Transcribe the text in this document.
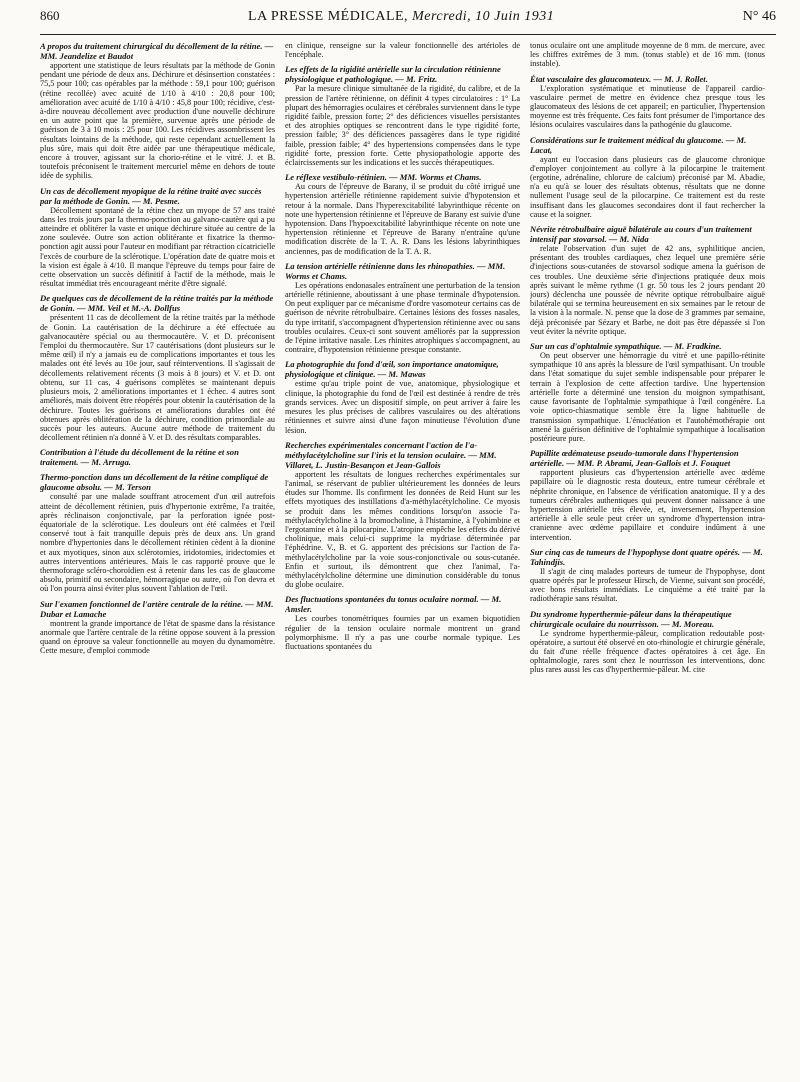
860	LA PRESSE MÉDICALE, Mercredi, 10 Juin 1931	N° 46
A propos du traitement chirurgical du décollement de la rétine. — MM. Jeandelize et Baudot

apportent une statistique de leurs résultats par la méthode de Gonin pendant une période de deux ans. Déchirure et désinsertion constatées : 75,5 pour 100; cas opérables par la méthode : 59,1 pour 100; guérison (rétine recollée) avec acuité de 1/10 à 4/10 : 20,8 pour 100; amélioration avec acuité de 1/10 à 4/10 : 45,8 pour 100; récidive, c'est-à-dire nouveau décollement avec production d'une nouvelle déchirure en un autre point que la première, survenue après une période de guérison de 3 à 10 mois : 25 pour 100. Les récidives assombrissent les résultats lointains de la méthode, qui reste cependant actuellement la plus sûre, mais qui doit être aidée par une thérapeutique médicale, encore à trouver, agissant sur la chorio-rétine et le vitré. J. et B. toutefois préconisent le traitement mercuriel même en dehors de toute idée de syphilis.

Un cas de décollement myopique de la rétine traité avec succès par la méthode de Gonin. — M. Pesme.

Décollement spontané de la rétine chez un myope de 57 ans traité dans les trois jours par la thermo-ponction au galvano-cautère qui a pu atteindre et oblitérer la vaste et unique déchirure située au centre de la zone soulevée. Outre son action oblitérante et fixatrice la thermo-ponction agit aussi pour l'auteur en modifiant par rétraction cicatricielle l'excès de courbure de la sclérotique. L'opération date de quatre mois et la vision est égale à 4/10. Il manque l'épreuve du temps pour faire de cette observation un succès définitif à l'actif de la méthode, mais le résultat immédiat très encourageant mérite d'être signalé.

De quelques cas de décollement de la rétine traités par la méthode de Gonin. — MM. Veil et M.-A. Dollfus

présentent 11 cas de décollement de la rétine traités par la méthode de Gonin. La cautérisation de la déchirure a été effectuée au galvanocautère spécial ou au thermocautère. V. et D. préconisent l'emploi du thermocautère. Sur 17 cautérisations (dont plusieurs sur le même œil) il n'y a jamais eu de complications importantes et tous les malades ont été levés au 10e jour, sauf réinterventions. Il s'agissait de décollements relativement récents (3 mois à 8 jours) et V. et D. ont obtenu, sur 11 cas, 4 guérisons complètes se maintenant depuis plusieurs mois, 2 améliorations importantes et 1 échec. 4 autres sont améliorés, mais doivent être réopérés pour obtenir la cautérisation de la déchirure. Toutes les guérisons et améliorations durables ont été obtenues après oblitération de la déchirure, condition primordiale au succès pour les auteurs. Aucune autre méthode de traitement du décollement rétinien n'a donné à V. et D. des résultats comparables.

Contribution à l'étude du décollement de la rétine et son traitement. — M. Arruga.
Thermo-ponction dans un décollement de la rétine compliqué de glaucome absolu. — M. Terson

consulté par une malade souffrant atrocement d'un œil autrefois atteint de décollement rétinien, puis d'hypertonie extrême, l'a traitée, après réclinaison conjonctivale, par la perforation ignée post-équatoriale de la sclérotique. Les douleurs ont été calmées et l'œil conservé tout à fait tranquille depuis près de deux ans. Un grand nombre d'hypertonies dans le décollement rétinien cèdent à la dionine et aux myotiques, sinon aux sclérotomies, iridotomies, iridectomies et autres interventions antérieures. Mais le cas rapporté prouve que le thermoforage scléro-choroïdien est à retenir dans les cas de glaucome absolu, primitif ou secondaire, hémorragique ou autre, où l'on devra et où l'on pourra ainsi éviter plus souvent l'ablation de l'œil.

Sur l'examen fonctionnel de l'artère centrale de la rétine. — MM. Dubar et Lamache

montrent la grande importance de l'état de spasme dans la résistance anormale que l'artère centrale de la rétine oppose souvent à la pression quand on éprouve sa valeur fonctionnelle au moyen du dynamomètre. Cette mesure, d'emploi commode

en clinique, renseigne sur la valeur fonctionnelle des artérioles de l'encéphale.

Les effets de la rigidité artérielle sur la circulation rétinienne physiologique et pathologique. — M. Fritz.

Par la mesure clinique simultanée de la rigidité, du calibre, et de la pression de l'artère rétinienne, on définit 4 types circulatoires : 1° La plupart des hémorragies oculaires et cérébrales surviennent dans le type rigidité faible, pression forte; 2° des déficiences visuelles persistantes et des atrophies optiques se rencontrent dans le type rigidité forte, pression faible; 3° des déficiences passagères dans le type rigidité faible, pression faible; 4° des hypertensions compensées dans le type rigidité forte, pression forte. Cette physiopathologie apporte des éclaircissements sur les indications et les succès thérapeutiques.

Le réflexe vestibulo-rétinien. — MM. Worms et Chams.

Au cours de l'épreuve de Barany, il se produit du côté irrigué une hypertension artérielle rétinienne rapidement suivie d'hypotension et retour à la normale. Dans l'hyperexcitabilité labyrinthique récente on note une hypertension rétinienne et l'épreuve de Barany est suivie d'une hypotension. Dans l'hypoexcitabilité labyrinthique récente on note une hypertension rétinienne et l'épreuve de Barany n'entraîne qu'une modification discrète de la T. A. R. Dans les lésions labyrinthiques anciennes, pas de modification de la T. A. R.

La tension artérielle rétinienne dans les rhinopathies. — MM. Worms et Chams.

Les opérations endonasales entraînent une perturbation de la tension artérielle rétinienne, aboutissant à une phase terminale d'hypotension. On peut expliquer par ce mécanisme d'ordre vasomoteur certains cas de guérison de névrite rétrobulbaire. Certaines lésions des fosses nasales, du type irritatif, s'accompagnent d'hypertension rétinienne avec ou sans troubles oculaires. Ceux-ci sont souvent améliorés par la suppression de l'épine irritative nasale. Les rhinites atrophiques s'accompagnent, au contraire, d'hypotension rétinienne presque constante.

La photographie du fond d'œil, son importance anatomique, physiologique et clinique. — M. Mawas

estime qu'au triple point de vue, anatomique, physiologique et clinique, la photographie du fond de l'œil est destinée à rendre de très grands services. Avec un dispositif simple, on peut arriver à faire les mesures les plus précises de calibres vasculaires ou des altérations rétiniennes et suivre ainsi d'une façon minutieuse l'évolution d'une lésion.

Recherches expérimentales concernant l'action de l'a-méthylacétylcholine sur l'iris et la tension oculaire. — MM. Villaret, L. Justin-Besançon et Jean-Gallois

apportent les résultats de longues recherches expérimentales sur l'animal, se réservant de publier ultérieurement les données de leurs études sur l'homme. Ils confirment les données de Reid Hunt sur les effets myotiques des instillations d'a-méthylacétylcholine. Ce myosis se produit dans les mêmes conditions lorsqu'on associe l'a-méthylacétylcholine à la bromocholine, à l'histamine, à l'yohimbine et l'ergotamine et à la pilocarpine. L'atropine empêche les effets du dérivé cholinique, mais celui-ci supprime la mydriase déterminée par l'éphédrine. V., B. et G. apportent des précisions sur l'action de l'a-méthylacétylcholine par la voie sous-conjonctivale ou sous-cutanée. Enfin et surtout, ils démontrent que chez l'animal, l'a-méthylacétylcholine détermine une diminution considérable du tonus du globe oculaire.

Des fluctuations spontanées du tonus oculaire normal. — M. Amsler.

Les courbes tonométriques fournies par un examen biquotidien régulier de la tension oculaire normale montrent un grand polymorphisme. Il n'y a pas une courbe normale typique. Les fluctuations spontanées du

tonus oculaire ont une amplitude moyenne de 8 mm. de mercure, avec les chiffres extrêmes de 3 mm. (tonus stable) et de 16 mm. (tonus instable).

État vasculaire des glaucomateux. — M. J. Rollet.

L'exploration systématique et minutieuse de l'appareil cardio-vasculaire permet de mettre en évidence chez presque tous les glaucomateux des lésions de cet appareil; en particulier, l'hypertension moyenne est très fréquente. Ces faits font présumer de l'importance des lésions oculaires vasculaires dans la pathogénie du glaucome.

Considérations sur le traitement médical du glaucome. — M. Lacat,

ayant eu l'occasion dans plusieurs cas de glaucome chronique d'employer conjointement au collyre à la pilocarpine le traitement (ergotine, adrénaline, chlorure de calcium) préconisé par M. Abadie, n'a eu qu'à se louer des résultats obtenus, résultats que ne donne nullement l'usage seul de la pilocarpine. Ce traitement est du reste insuffisant dans les glaucomes secondaires dont il faut rechercher la cause et la soigner.

Névrite rétrobulbaire aiguë bilatérale au cours d'un traitement intensif par stovarsol. — M. Nida

relate l'observation d'un sujet de 42 ans, syphilitique ancien, présentant des troubles cardiaques, chez lequel une première série d'injections sous-cutanées de stovarsol sodique amena la guérison de ces troubles. Une deuxième série d'injections pratiquée deux mois après suivant le même rythme (1 gr. 50 tous les 2 jours pendant 20 jours) déclencha une poussée de névrite optique rétrobulbaire aiguë bilatérale qui se termina heureusement en six semaines par le retour de la vision à la normale. N. pense que la dose de 3 grammes par semaine, déjà préconisée par Sézary et Barbe, ne doit pas être dépassée si l'on veut éviter la névrite optique.

Sur un cas d'ophtalmie sympathique. — M. Fradkine.

On peut observer une hémorragie du vitré et une papillo-rétinite sympathique 10 ans après la blessure de l'œil sympathisant. Un trouble dans l'état somatique du sujet semble indispensable pour préparer le terrain à l'explosion de cette affection tardive. Une hypertension artérielle forte a déterminé une tension du moignon sympathisant, cause favorisante de l'ophtalmie sympathique à l'œil congénère. La voie optico-chiasmatique semble être la ligne habituelle de transmission sympathique. L'énucléation et l'autohémothérapie ont amené la guérison définitive de l'ophtalmie sympathique à localisation postérieure pure.

Papillite œdémateuse pseudo-tumorale dans l'hypertension artérielle. — MM. P. Abrami, Jean-Gallois et J. Fouquet

rapportent plusieurs cas d'hypertension artérielle avec œdème papillaire où le diagnostic resta douteux, entre tumeur cérébrale et néphrite chronique, en l'absence de vérification anatomique. Il y a des tumeurs cérébrales authentiques qui peuvent donner naissance à une hypertension artérielle très élevée, et, inversement, l'hypertension artérielle à elle seule peut créer un syndrome d'hypertension intra-cranienne avec œdème papillaire et conduire indûment à une intervention.

Sur cinq cas de tumeurs de l'hypophyse dont quatre opérés. — M. Tahindjis.

Il s'agit de cinq malades porteurs de tumeur de l'hypophyse, dont quatre opérés par le professeur Hirsch, de Vienne, suivant son procédé, avec bons résultats immédiats. Le cinquième a été traité par la radiothérapie sans résultat.

Du syndrome hyperthermie-pâleur dans la thérapeutique chirurgicale oculaire du nourrisson. — M. Moreau.

Le syndrome hyperthermie-pâleur, complication redoutable post-opératoire, a surtout été observé en oto-rhinologie et chirurgie générale, du fait d'une réelle fréquence d'actes opératoires à cet âge. En ophtalmologie, rares sont chez le nourrisson les interventions, donc plus rares aussi les cas d'hyperthermie-pâleur. M. cite
